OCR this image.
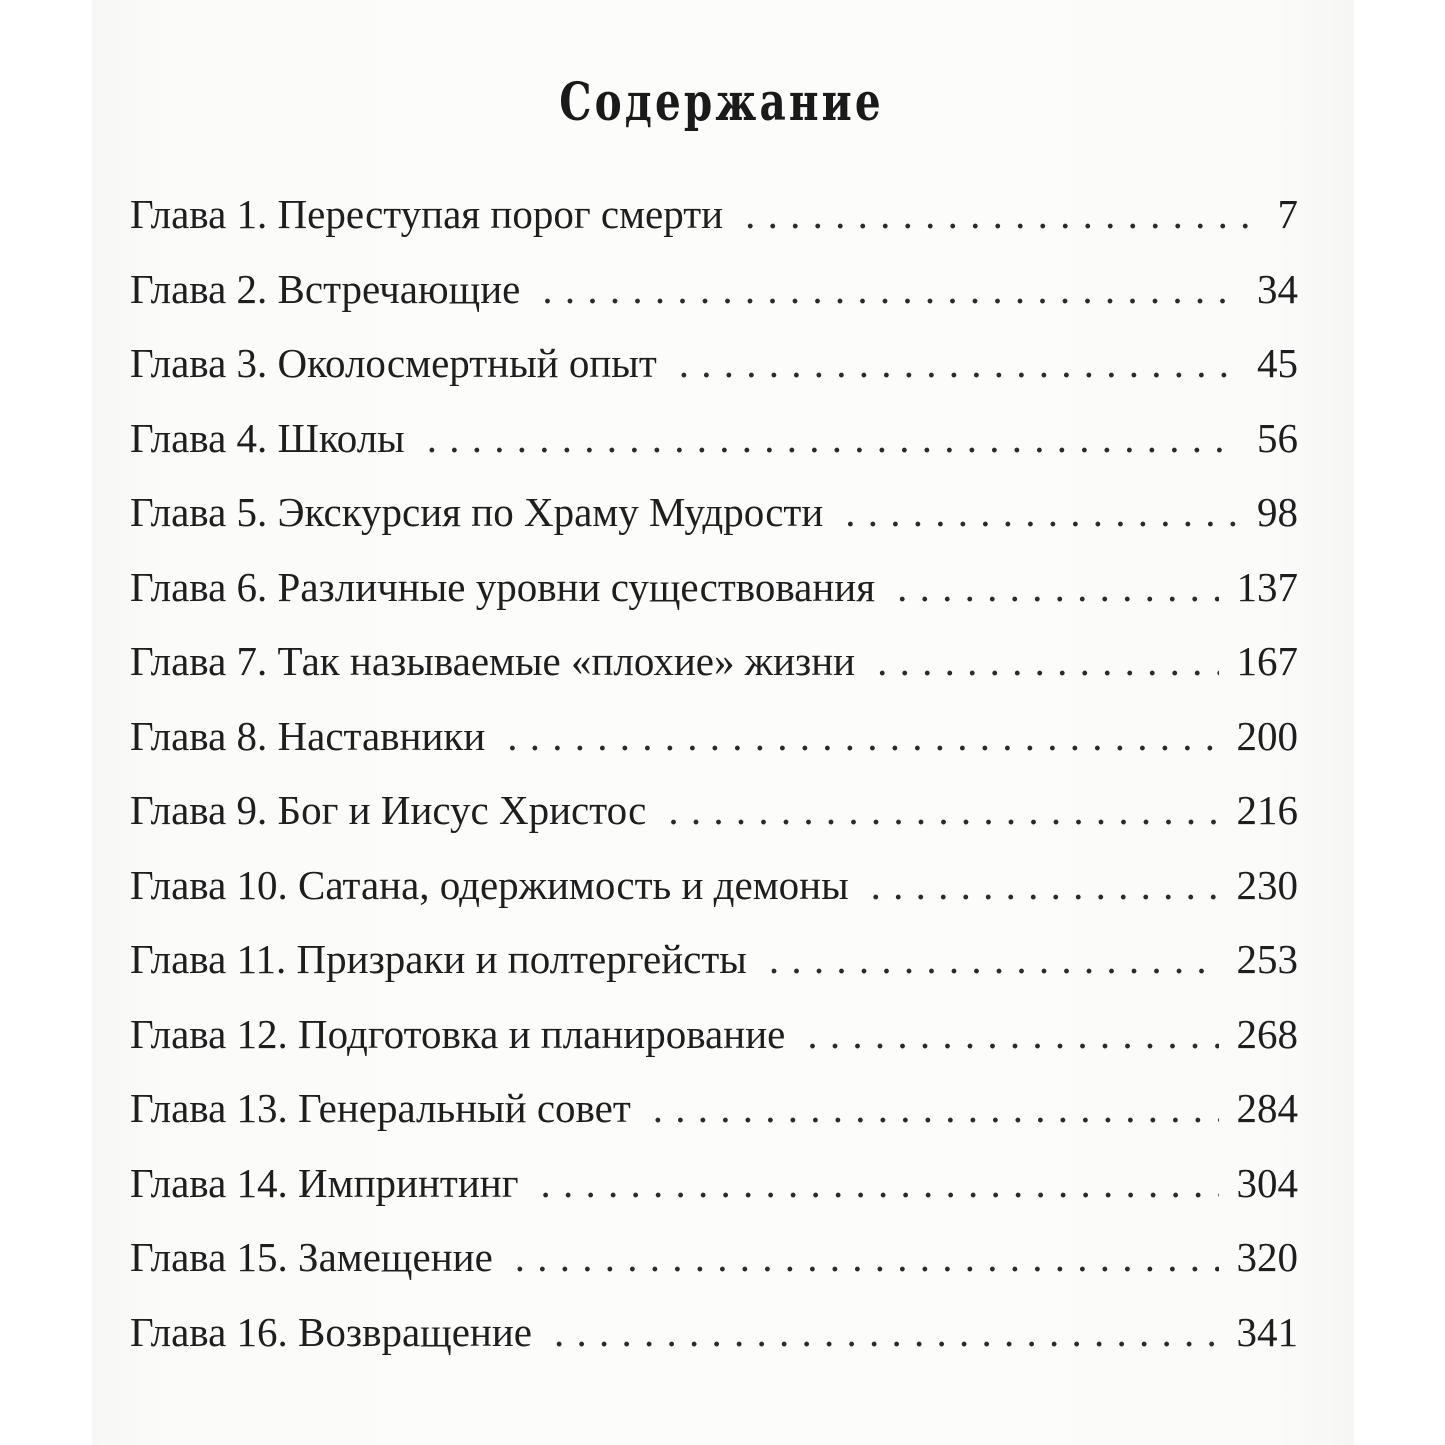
Содержание
Глава 1. Переступая порог смерти . . .	7
Глава 2. Встречающие . . .	34
Глава 3. Околосмертный опыт . . .	45
Глава 4. Школы . . .	56
Глава 5. Экскурсия по Храму Мудрости . . .	98
Глава 6. Различные уровни существования . . .	137
Глава 7. Так называемые «плохие» жизни . . .	167
Глава 8. Наставники . . .	200
Глава 9. Бог и Иисус Христос . . .	216
Глава 10. Сатана, одержимость и демоны . . .	230
Глава 11. Призраки и полтергейсты . . .	253
Глава 12. Подготовка и планирование . . .	268
Глава 13. Генеральный совет . . .	284
Глава 14. Импринтинг . . .	304
Глава 15. Замещение . . .	320
Глава 16. Возвращение . . .	341
